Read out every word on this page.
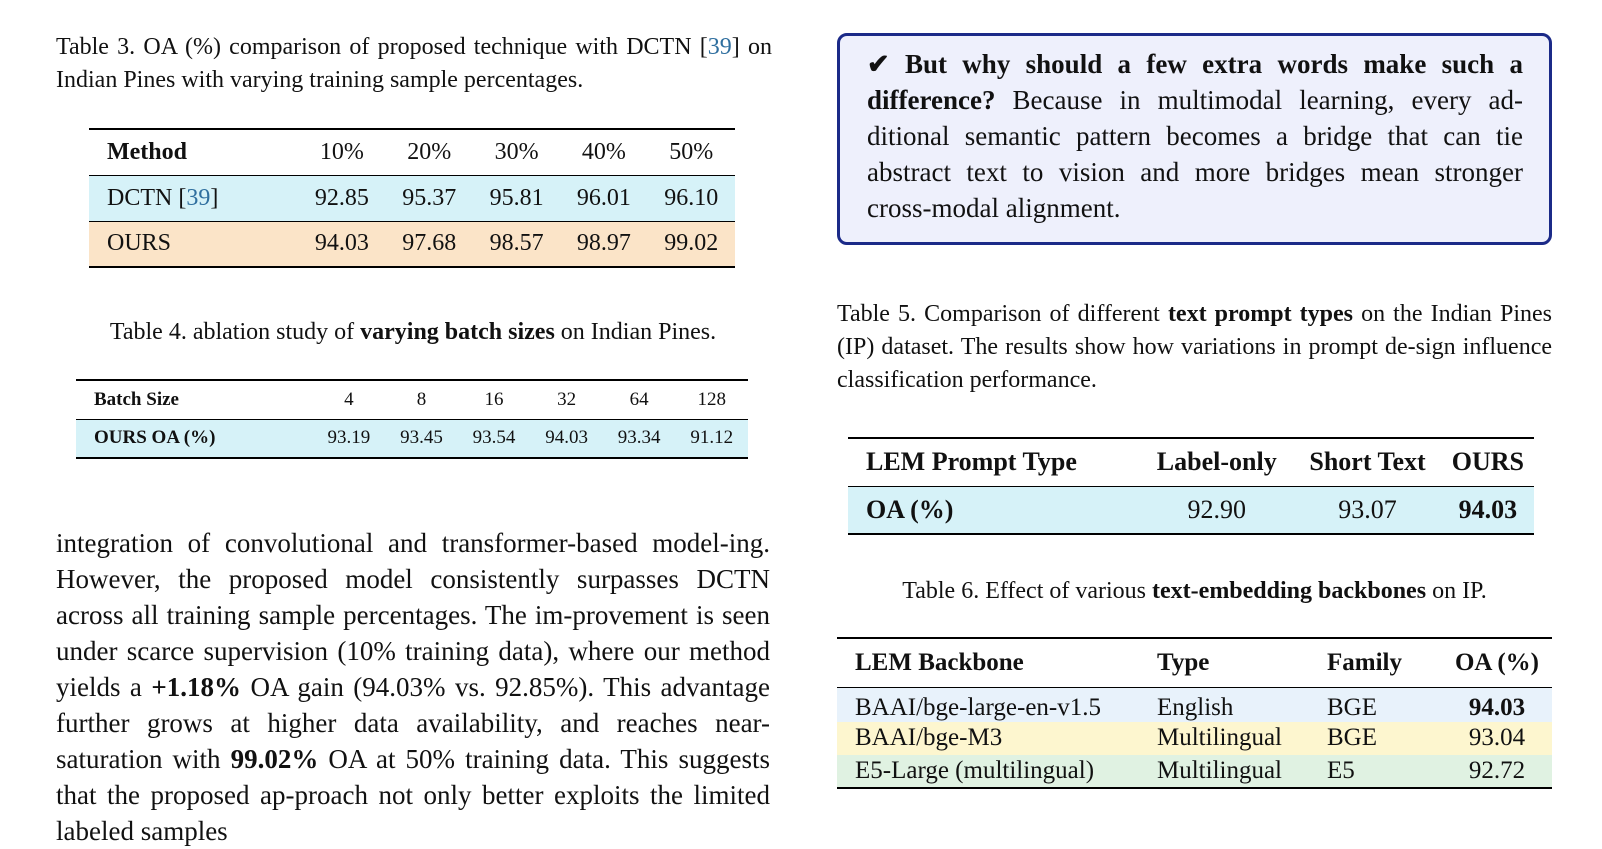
Table 3. OA (%) comparison of proposed technique with DCTN [39] on Indian Pines with varying training sample percentages.

Method	10%	20%	30%	40%	50%
DCTN [39]	92.85	95.37	95.81	96.01	96.10
OURS	94.03	97.68	98.57	98.97	99.02

Table 4. ablation study of varying batch sizes on Indian Pines.

Batch Size	4	8	16	32	64	128
OURS OA (%)	93.19	93.45	93.54	94.03	93.34	91.12

integration of convolutional and transformer-based model-ing. However, the proposed model consistently surpasses DCTN across all training sample percentages. The im-provement is seen under scarce supervision (10% training data), where our method yields a +1.18% OA gain (94.03% vs. 92.85%). This advantage further grows at higher data availability, and reaches near-saturation with 99.02% OA at 50% training data. This suggests that the proposed ap-proach not only better exploits the limited labeled samples

✔ But why should a few extra words make such a difference? Because in multimodal learning, every ad-ditional semantic pattern becomes a bridge that can tie abstract text to vision and more bridges mean stronger cross-modal alignment.

Table 5. Comparison of different text prompt types on the Indian Pines (IP) dataset. The results show how variations in prompt de-sign influence classification performance.

LEM Prompt Type	Label-only	Short Text	OURS
OA (%)	92.90	93.07	94.03

Table 6. Effect of various text-embedding backbones on IP.

LEM Backbone	Type	Family	OA (%)
BAAI/bge-large-en-v1.5	English	BGE	94.03
BAAI/bge-M3	Multilingual	BGE	93.04
E5-Large (multilingual)	Multilingual	E5	92.72
